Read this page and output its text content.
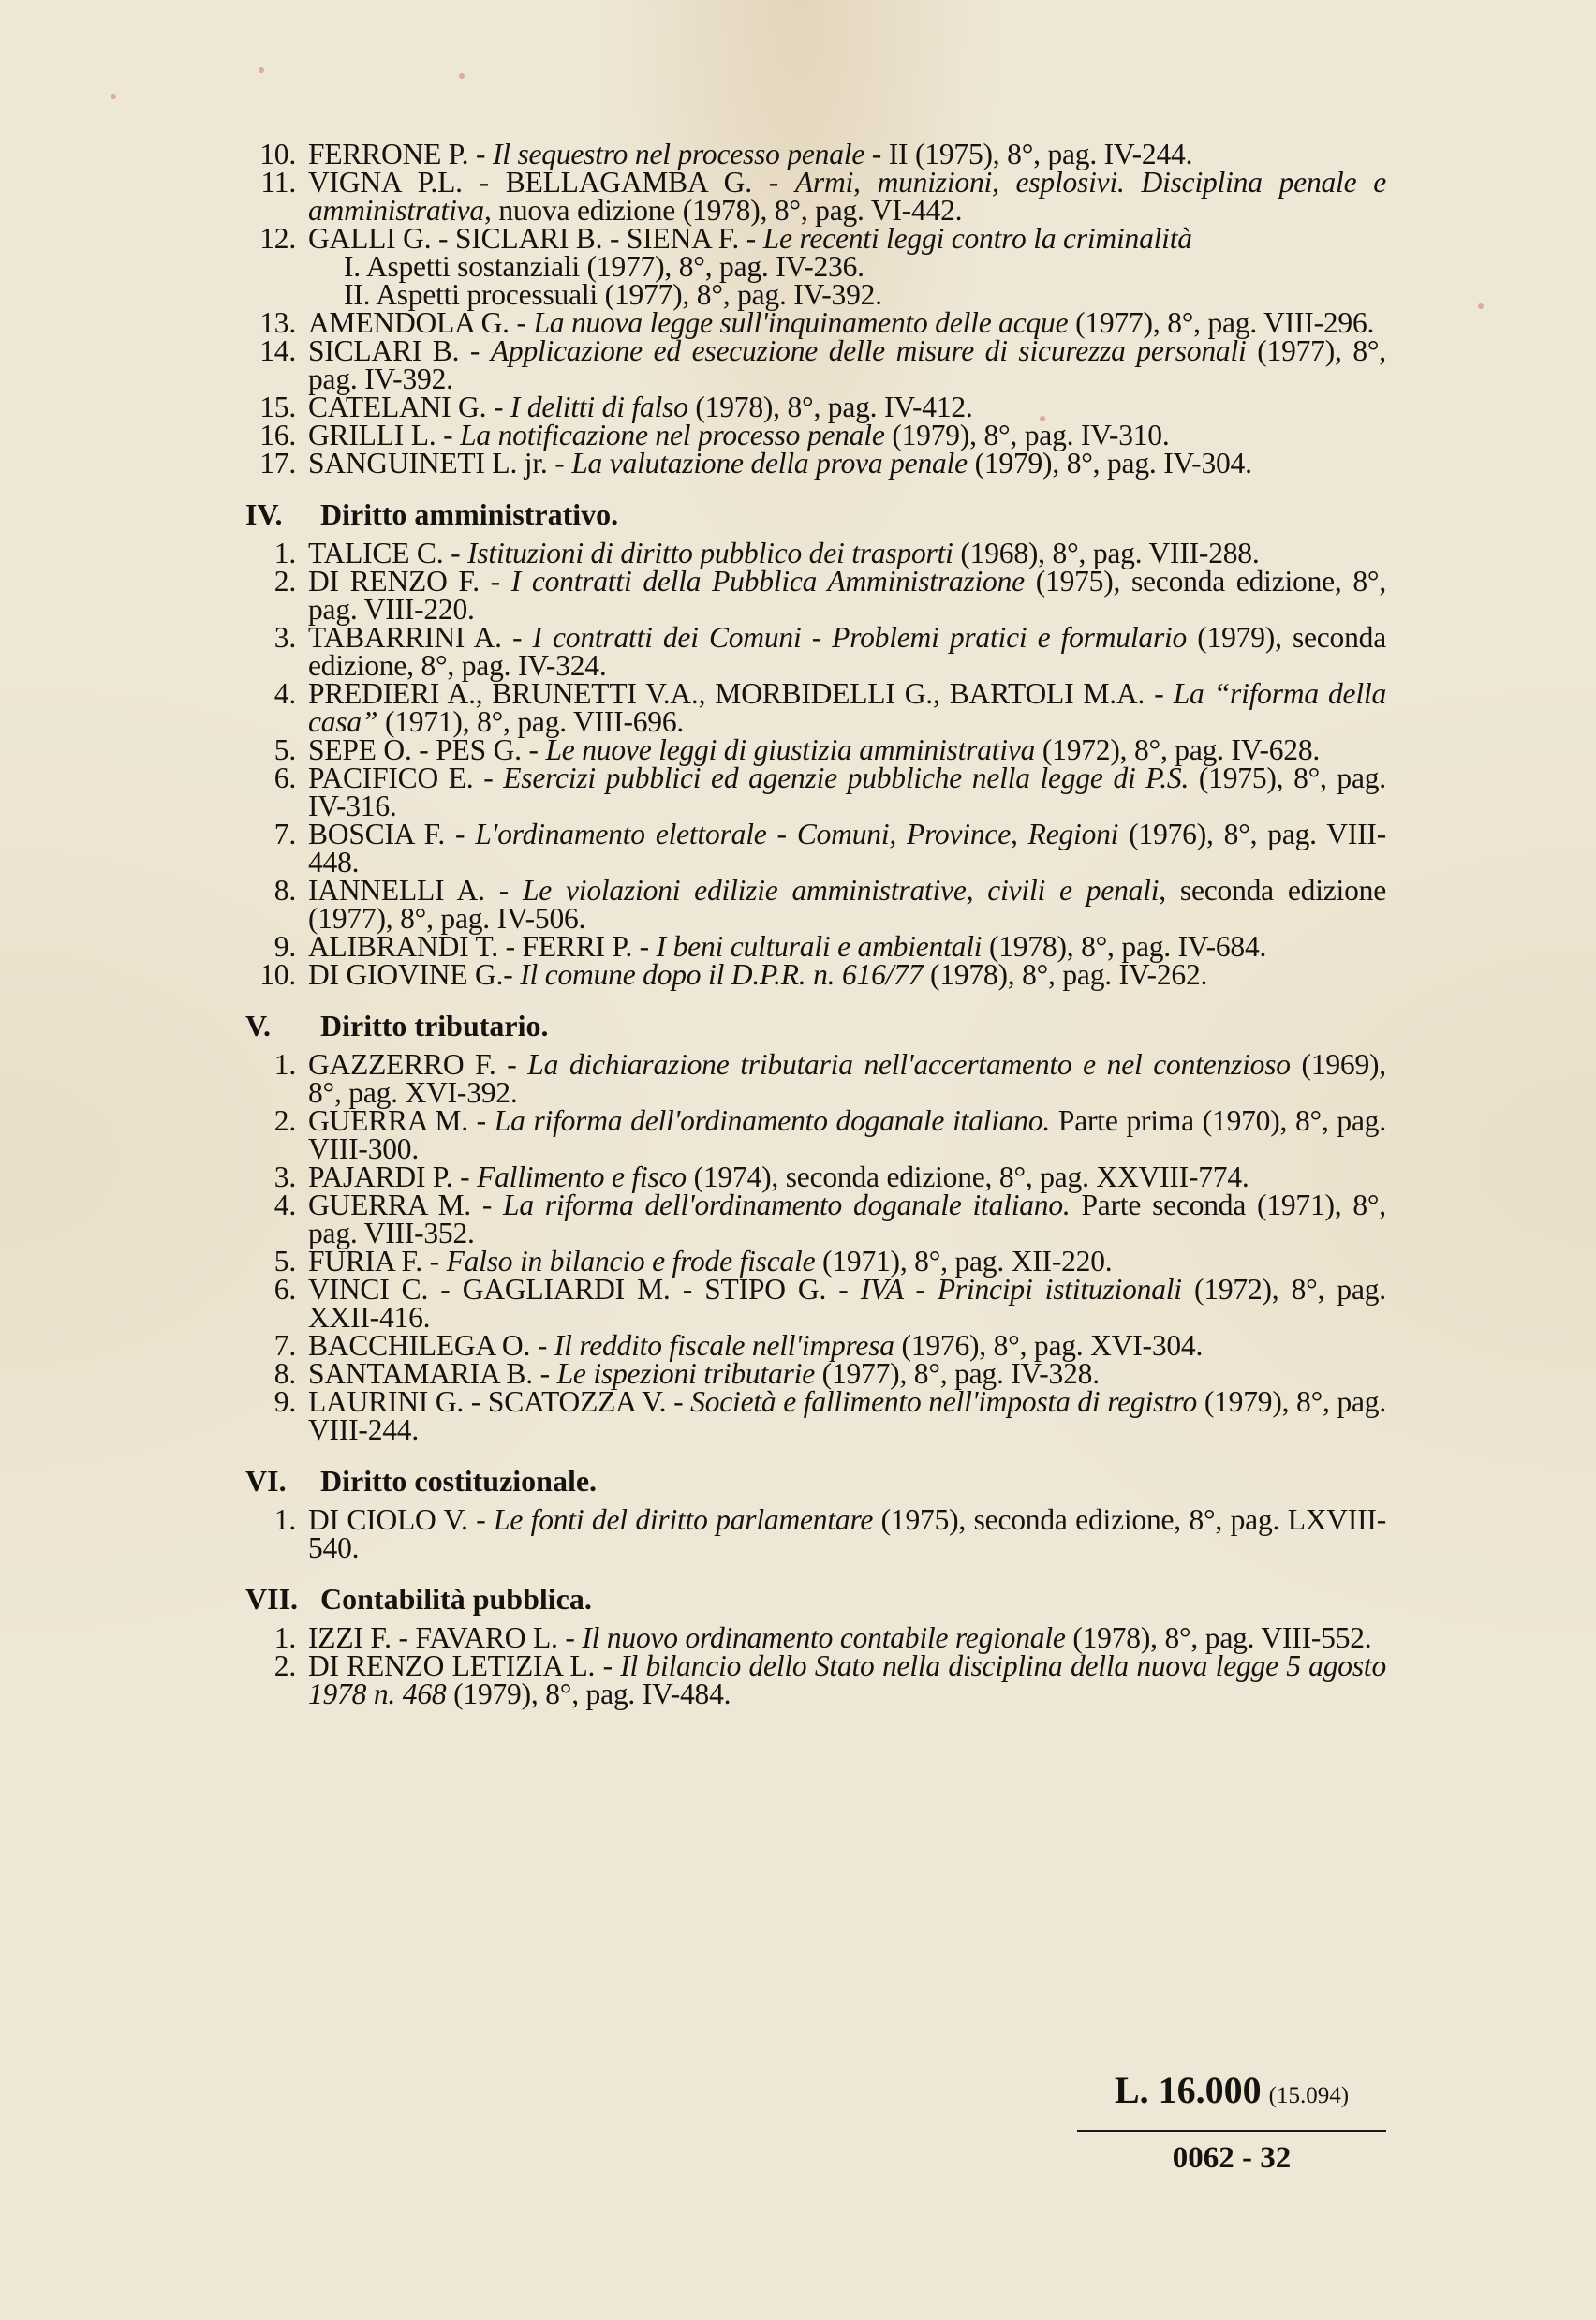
10. FERRONE P. - Il sequestro nel processo penale - II (1975), 8°, pag. IV-244.
11. VIGNA P.L. - BELLAGAMBA G. - Armi, munizioni, esplosivi. Disciplina penale e amministrativa, nuova edizione (1978), 8°, pag. VI-442.
12. GALLI G. - SICLARI B. - SIENA F. - Le recenti leggi contro la criminalità
I. Aspetti sostanziali (1977), 8°, pag. IV-236.
II. Aspetti processuali (1977), 8°, pag. IV-392.
13. AMENDOLA G. - La nuova legge sull'inquinamento delle acque (1977), 8°, pag. VIII-296.
14. SICLARI B. - Applicazione ed esecuzione delle misure di sicurezza personali (1977), 8°, pag. IV-392.
15. CATELANI G. - I delitti di falso (1978), 8°, pag. IV-412.
16. GRILLI L. - La notificazione nel processo penale (1979), 8°, pag. IV-310.
17. SANGUINETI L. jr. - La valutazione della prova penale (1979), 8°, pag. IV-304.
IV.	Diritto amministrativo.
1. TALICE C. - Istituzioni di diritto pubblico dei trasporti (1968), 8°, pag. VIII-288.
2. DI RENZO F. - I contratti della Pubblica Amministrazione (1975), seconda edizione, 8°, pag. VIII-220.
3. TABARRINI A. - I contratti dei Comuni - Problemi pratici e formulario (1979), seconda edizione, 8°, pag. IV-324.
4. PREDIERI A., BRUNETTI V.A., MORBIDELLI G., BARTOLI M.A. - La “riforma della casa” (1971), 8°, pag. VIII-696.
5. SEPE O. - PES G. - Le nuove leggi di giustizia amministrativa (1972), 8°, pag. IV-628.
6. PACIFICO E. - Esercizi pubblici ed agenzie pubbliche nella legge di P.S. (1975), 8°, pag. IV-316.
7. BOSCIA F. - L'ordinamento elettorale - Comuni, Province, Regioni (1976), 8°, pag. VIII-448.
8. IANNELLI A. - Le violazioni edilizie amministrative, civili e penali, seconda edizione (1977), 8°, pag. IV-506.
9. ALIBRANDI T. - FERRI P. - I beni culturali e ambientali (1978), 8°, pag. IV-684.
10. DI GIOVINE G.- Il comune dopo il D.P.R. n. 616/77 (1978), 8°, pag. IV-262.
V.	Diritto tributario.
1. GAZZERRO F. - La dichiarazione tributaria nell'accertamento e nel contenzioso (1969), 8°, pag. XVI-392.
2. GUERRA M. - La riforma dell'ordinamento doganale italiano. Parte prima (1970), 8°, pag. VIII-300.
3. PAJARDI P. - Fallimento e fisco (1974), seconda edizione, 8°, pag. XXVIII-774.
4. GUERRA M. - La riforma dell'ordinamento doganale italiano. Parte seconda (1971), 8°, pag. VIII-352.
5. FURIA F. - Falso in bilancio e frode fiscale (1971), 8°, pag. XII-220.
6. VINCI C. - GAGLIARDI M. - STIPO G. - IVA - Principi istituzionali (1972), 8°, pag. XXII-416.
7. BACCHILEGA O. - Il reddito fiscale nell'impresa (1976), 8°, pag. XVI-304.
8. SANTAMARIA B. - Le ispezioni tributarie (1977), 8°, pag. IV-328.
9. LAURINI G. - SCATOZZA V. - Società e fallimento nell'imposta di registro (1979), 8°, pag. VIII-244.
VI.	Diritto costituzionale.
1. DI CIOLO V. - Le fonti del diritto parlamentare (1975), seconda edizione, 8°, pag. LXVIII-540.
VII. Contabilità pubblica.
1. IZZI F. - FAVARO L. - Il nuovo ordinamento contabile regionale (1978), 8°, pag. VIII-552.
2. DI RENZO LETIZIA L. - Il bilancio dello Stato nella disciplina della nuova legge 5 agosto 1978 n. 468 (1979), 8°, pag. IV-484.
L. 16.000 (15.094)
0062 - 32
